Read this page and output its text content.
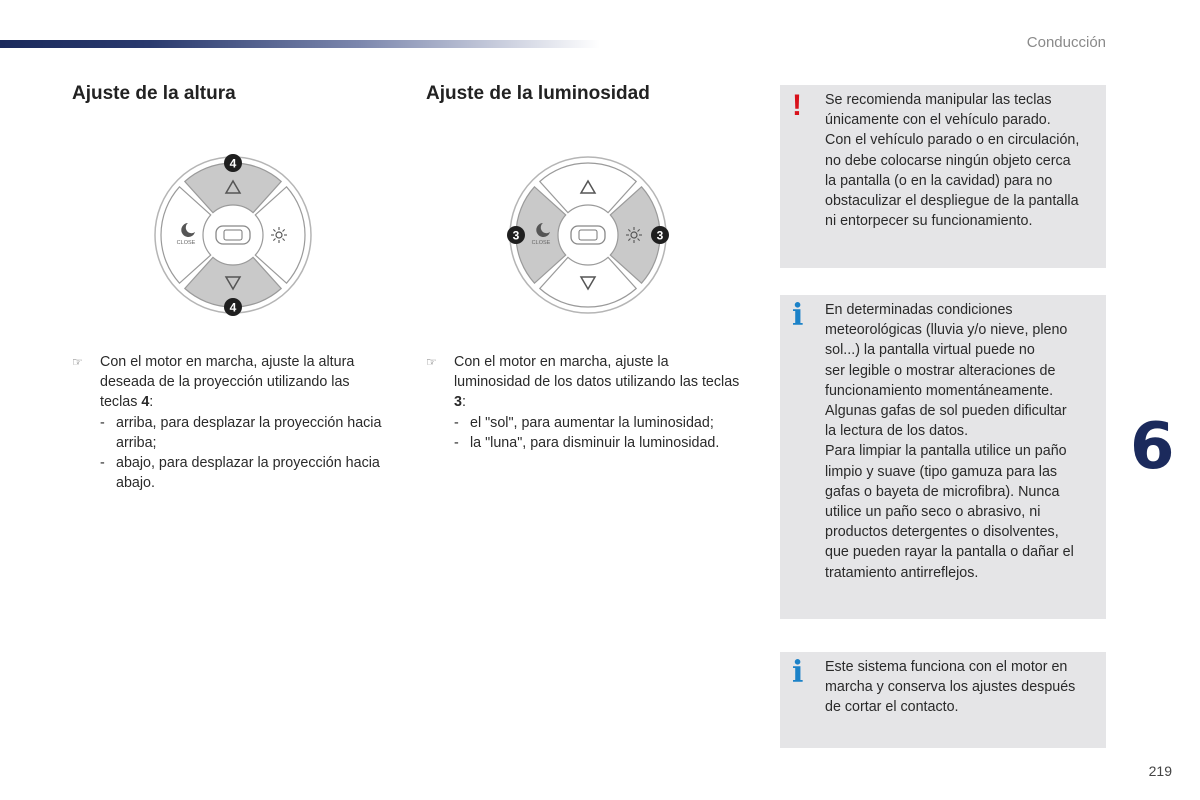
Conducción
Ajuste de la altura
CLOSE
4
4
☞	Con el motor en marcha, ajuste la altura deseada de la proyección utilizando las teclas 4:
- arriba, para desplazar la proyección hacia arriba;
- abajo, para desplazar la proyección hacia abajo.
Ajuste de la luminosidad
CLOSE
3	3
☞	Con el motor en marcha, ajuste la luminosidad de los datos utilizando las teclas 3:
- el "sol", para aumentar la luminosidad;
- la "luna", para disminuir la luminosidad.
! Se recomienda manipular las teclas
únicamente con el vehículo parado.
Con el vehículo parado o en circulación,
no debe colocarse ningún objeto cerca
la pantalla (o en la cavidad) para no
obstaculizar el despliegue de la pantalla
ni entorpecer su funcionamiento.
i En determinadas condiciones
meteorológicas (lluvia y/o nieve, pleno
sol...) la pantalla virtual puede no
ser legible o mostrar alteraciones de
funcionamiento momentáneamente.
Algunas gafas de sol pueden dificultar
la lectura de los datos.
Para limpiar la pantalla utilice un paño
limpio y suave (tipo gamuza para las
gafas o bayeta de microfibra). Nunca
utilice un paño seco o abrasivo, ni
productos detergentes o disolventes,
que pueden rayar la pantalla o dañar el
tratamiento antirreflejos.
i Este sistema funciona con el motor en
marcha y conserva los ajustes después
de cortar el contacto.
6
219
